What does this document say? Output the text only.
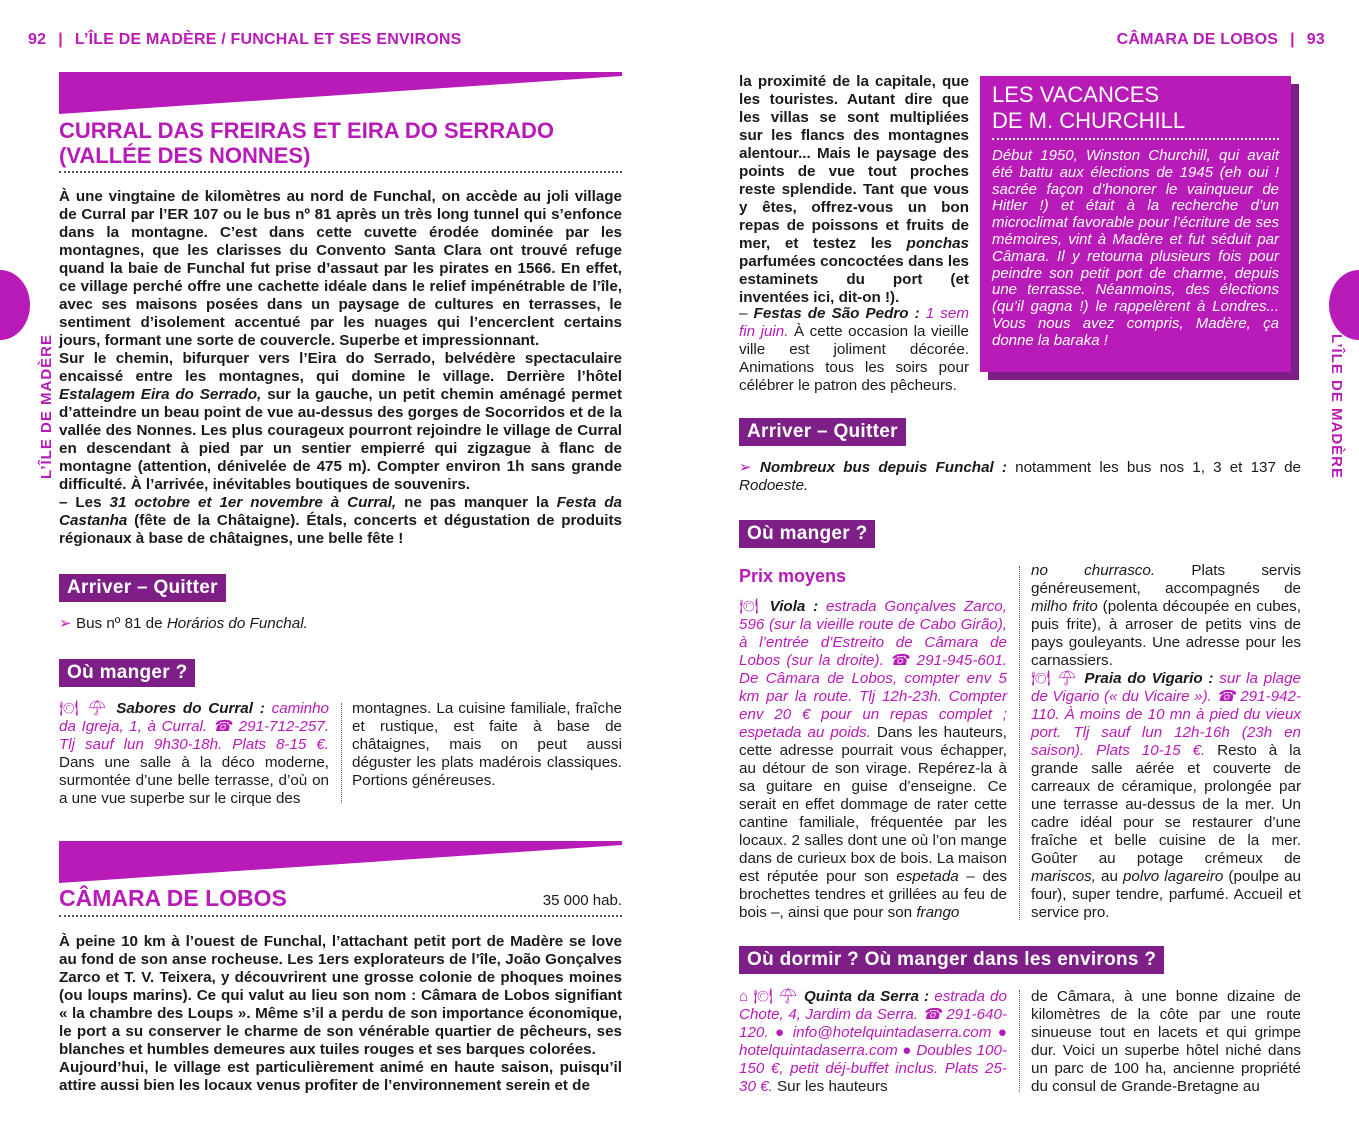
92 | L’ÎLE DE MADÈRE / FUNCHAL ET SES ENVIRONS
L’ÎLE DE MADÈRE
CURRAL DAS FREIRAS ET EIRA DO SERRADO
(VALLÉE DES NONNES)
À une vingtaine de kilomètres au nord de Funchal, on accède au joli village de Curral par l’ER 107 ou le bus nº 81 après un très long tunnel qui s’enfonce dans la montagne. C’est dans cette cuvette érodée dominée par les montagnes, que les clarisses du Convento Santa Clara ont trouvé refuge quand la baie de Funchal fut prise d’assaut par les pirates en 1566. En effet, ce village perché offre une cachette idéale dans le relief impénétrable de l’île, avec ses maisons posées dans un paysage de cultures en terrasses, le sentiment d’isolement accentué par les nuages qui l’encerclent certains jours, formant une sorte de couvercle. Superbe et impressionnant.
Sur le chemin, bifurquer vers l’Eira do Serrado, belvédère spectaculaire encaissé entre les montagnes, qui domine le village. Derrière l’hôtel Estalagem Eira do Serrado, sur la gauche, un petit chemin aménagé permet d’atteindre un beau point de vue au-dessus des gorges de Socorridos et de la vallée des Nonnes. Les plus courageux pourront rejoindre le village de Curral en descendant à pied par un sentier empierré qui zigzague à flanc de montagne (attention, dénivelée de 475 m). Compter environ 1h sans grande difficulté. À l’arrivée, inévitables boutiques de souvenirs.
– Les 31 octobre et 1er novembre à Curral, ne pas manquer la Festa da Castanha (fête de la Châtaigne). Étals, concerts et dégustation de produits régionaux à base de châtaignes, une belle fête !
Arriver – Quitter
➢ Bus nº 81 de Horários do Funchal.
Où manger ?
🍽 ☂ Sabores do Curral : caminho da Igreja, 1, à Curral. ☎ 291-712-257. Tlj sauf lun 9h30-18h. Plats 8-15 €. Dans une salle à la déco moderne, surmontée d’une belle terrasse, d’où on a une vue superbe sur le cirque des
montagnes. La cuisine familiale, fraîche et rustique, est faite à base de châtaignes, mais on peut aussi déguster les plats madérois classiques. Portions généreuses.
CÂMARA DE LOBOS	35 000 hab.
À peine 10 km à l’ouest de Funchal, l’attachant petit port de Madère se love au fond de son anse rocheuse. Les 1ers explorateurs de l’île, João Gonçalves Zarco et T. V. Teixera, y découvrirent une grosse colonie de phoques moines (ou loups marins). Ce qui valut au lieu son nom : Câmara de Lobos signifiant « la chambre des Loups ». Même s’il a perdu de son importance économique, le port a su conserver le charme de son vénérable quartier de pêcheurs, ses blanches et humbles demeures aux tuiles rouges et ses barques colorées.
Aujourd’hui, le village est particulièrement animé en haute saison, puisqu’il attire aussi bien les locaux venus profiter de l’environnement serein et de
CÂMARA DE LOBOS | 93
L’ÎLE DE MADÈRE
la proximité de la capitale, que les touristes. Autant dire que les villas se sont multipliées sur les flancs des montagnes alentour... Mais le paysage des points de vue tout proches reste splendide. Tant que vous y êtes, offrez-vous un bon repas de poissons et fruits de mer, et testez les ponchas parfumées concoctées dans les estaminets du port (et inventées ici, dit-on !).
– Festas de São Pedro : 1 sem fin juin. À cette occasion la vieille ville est joliment décorée. Animations tous les soirs pour célébrer le patron des pêcheurs.
LES VACANCES
DE M. CHURCHILL
Début 1950, Winston Churchill, qui avait été battu aux élections de 1945 (eh oui ! sacrée façon d’honorer le vainqueur de Hitler !) et était à la recherche d’un microclimat favorable pour l’écriture de ses mémoires, vint à Madère et fut séduit par Câmara. Il y retourna plusieurs fois pour peindre son petit port de charme, depuis une terrasse. Néanmoins, des élections (qu’il gagna !) le rappelèrent à Londres... Vous nous avez compris, Madère, ça donne la baraka !
Arriver – Quitter
➢ Nombreux bus depuis Funchal : notamment les bus nos 1, 3 et 137 de Rodoeste.
Où manger ?
Prix moyens
🍽 Viola : estrada Gonçalves Zarco, 596 (sur la vieille route de Cabo Girão), à l’entrée d’Estreito de Câmara de Lobos (sur la droite). ☎ 291-945-601. De Câmara de Lobos, compter env 5 km par la route. Tlj 12h-23h. Compter env 20 € pour un repas complet ; espetada au poids. Dans les hauteurs, cette adresse pourrait vous échapper, au détour de son virage. Repérez-la à sa guitare en guise d’enseigne. Ce serait en effet dommage de rater cette cantine familiale, fréquentée par les locaux. 2 salles dont une où l’on mange dans de curieux box de bois. La maison est réputée pour son espetada – des brochettes tendres et grillées au feu de bois –, ainsi que pour son frango
no churrasco. Plats servis généreusement, accompagnés de milho frito (polenta découpée en cubes, puis frite), à arroser de petits vins de pays gouleyants. Une adresse pour les carnassiers.
🍽 ☂ Praia do Vigario : sur la plage de Vigario (« du Vicaire »). ☎ 291-942-110. À moins de 10 mn à pied du vieux port. Tlj sauf lun 12h-16h (23h en saison). Plats 10-15 €. Resto à la grande salle aérée et couverte de carreaux de céramique, prolongée par une terrasse au-dessus de la mer. Un cadre idéal pour se restaurer d’une fraîche et belle cuisine de la mer. Goûter au potage crémeux de mariscos, au polvo lagareiro (poulpe au four), super tendre, parfumé. Accueil et service pro.
Où dormir ? Où manger dans les environs ?
⌂ 🍽 ☂ Quinta da Serra : estrada do Chote, 4, Jardim da Serra. ☎ 291-640-120. ● info@hotelquintadaserra.com ● hotelquintadaserra.com ● Doubles 100-150 €, petit déj-buffet inclus. Plats 25-30 €. Sur les hauteurs
de Câmara, à une bonne dizaine de kilomètres de la côte par une route sinueuse tout en lacets et qui grimpe dur. Voici un superbe hôtel niché dans un parc de 100 ha, ancienne propriété du consul de Grande-Bretagne au
